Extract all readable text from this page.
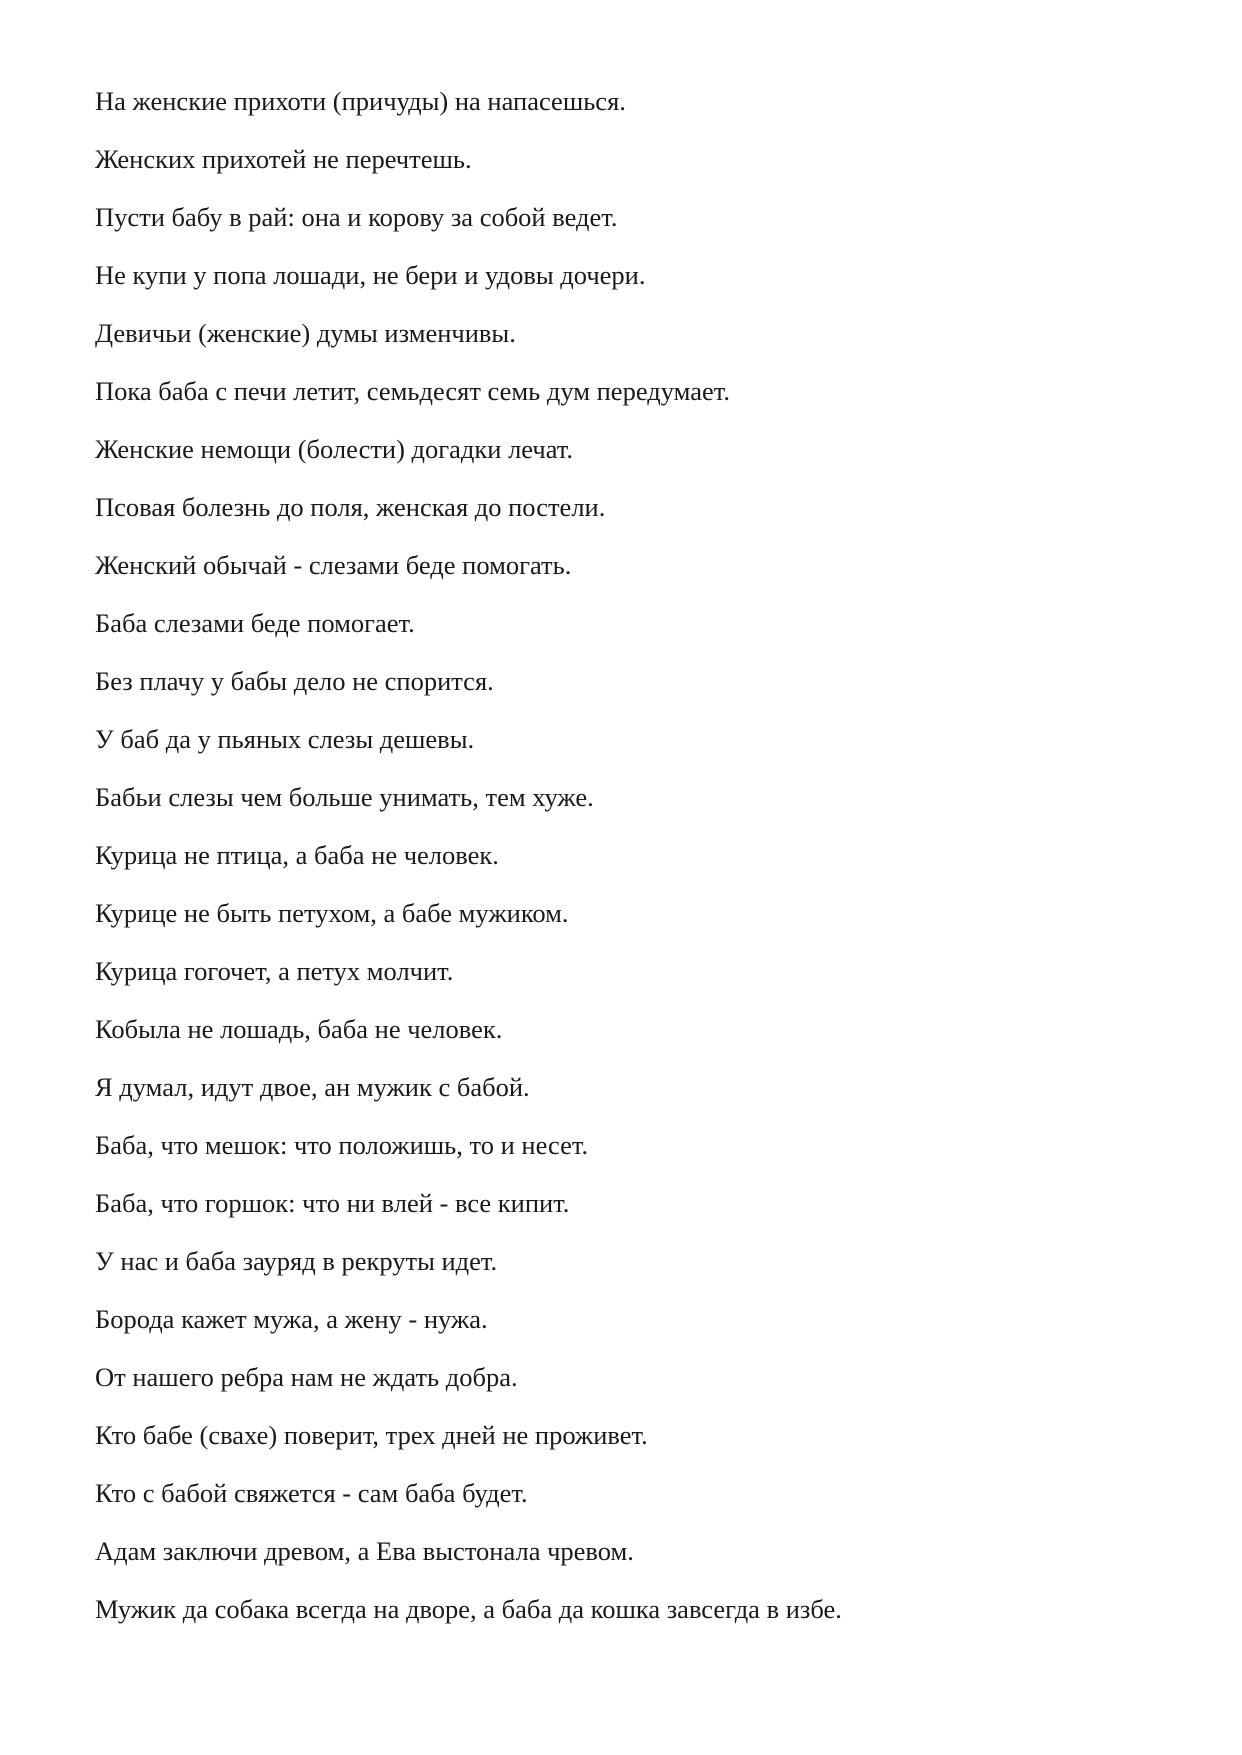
На женские прихоти (причуды) на напасешься.

Женских прихотей не перечтешь.

Пусти бабу в рай: она и корову за собой ведет.

Не купи у попа лошади, не бери и удовы дочери.

Девичьи (женские) думы изменчивы.

Пока баба с печи летит, семьдесят семь дум передумает.

Женские немощи (болести) догадки лечат.

Псовая болезнь до поля, женская до постели.

Женский обычай - слезами беде помогать.

Баба слезами беде помогает.

Без плачу у бабы дело не спорится.

У баб да у пьяных слезы дешевы.

Бабьи слезы чем больше унимать, тем хуже.

Курица не птица, а баба не человек.

Курице не быть петухом, а бабе мужиком.

Курица гогочет, а петух молчит.

Кобыла не лошадь, баба не человек.

Я думал, идут двое, ан мужик с бабой.

Баба, что мешок: что положишь, то и несет.

Баба, что горшок: что ни влей - все кипит.

У нас и баба зауряд в рекруты идет.

Борода кажет мужа, а жену - нужа.

От нашего ребра нам не ждать добра.

Кто бабе (свахе) поверит, трех дней не проживет.

Кто с бабой свяжется - сам баба будет.

Адам заключи древом, а Ева выстонала чревом.

Мужик да собака всегда на дворе, а баба да кошка завсегда в избе.
